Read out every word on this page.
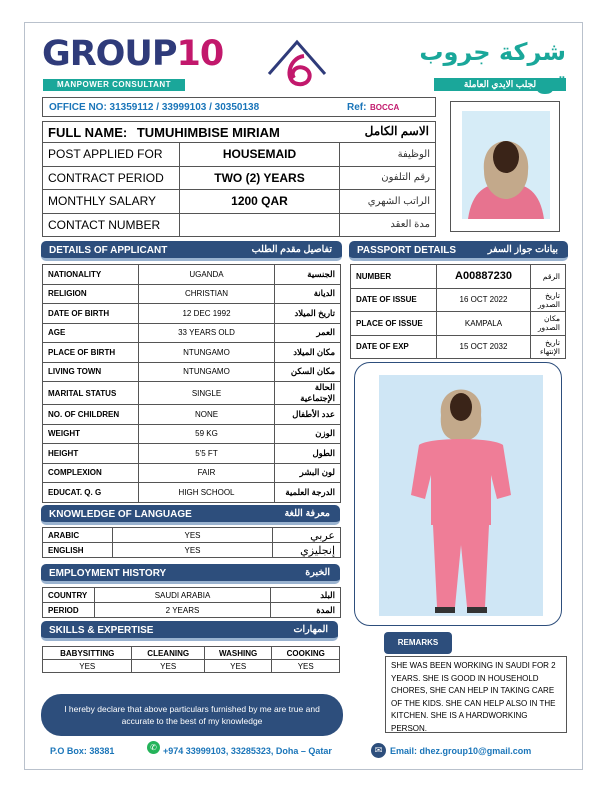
GROUP10
MANPOWER CONSULTANT
شركة جروب
لجلب الايدي العاملة
OFFICE NO: 31359112 / 33999103 / 30350138	Ref: BOCCA
FULL NAME: TUMUHIMBISE MIRIAM الاسم الكامل		

POST APPLIED FOR	HOUSEMAID	الوظيفة
CONTRACT PERIOD	TWO (2) YEARS	رقم التلفون
MONTHLY SALARY	1200 QAR	الراتب الشهري
CONTACT NUMBER		مدة العقد
DETAILS OF APPLICANT	تفاصيل مقدم الطلب
NATIONALITY	UGANDA	الجنسية
RELIGION	CHRISTIAN	الديانة
DATE OF BIRTH	12 DEC 1992	تاريخ الميلاد
AGE	33 YEARS OLD	العمر
PLACE OF BIRTH	NTUNGAMO	مكان الميلاد
LIVING TOWN	NTUNGAMO	مكان السكن
MARITAL STATUS	SINGLE	الحالة الإجتماعية
NO. OF CHILDREN	NONE	عدد الأطفال
WEIGHT	59 KG	الوزن
HEIGHT	5'5 FT	الطول
COMPLEXION	FAIR	لون البشر
EDUCAT. Q. G	HIGH SCHOOL	الدرجة العلمية
PASSPORT DETAILS	بيانات جواز السفر
NUMBER	A00887230	الرقم
DATE OF ISSUE	16 OCT 2022	تاريخ الصدور
PLACE OF ISSUE	KAMPALA	مكان الصدور
DATE OF EXP	15 OCT 2032	تاريخ الإنتهاء
KNOWLEDGE OF LANGUAGE	معرفة اللغة
ARABIC	YES	عربي
ENGLISH	YES	إنجليزي
EMPLOYMENT HISTORY	الخبرة
COUNTRY	SAUDI ARABIA	البلد
PERIOD	2 YEARS	المدة
SKILLS & EXPERTISE	المهارات
BABYSITTING	CLEANING	WASHING	COOKING
YES	YES	YES	YES
REMARKS
SHE WAS BEEN WORKING IN SAUDI FOR 2 YEARS. SHE IS GOOD IN HOUSEHOLD CHORES, SHE CAN HELP IN TAKING CARE OF THE KIDS. SHE CAN HELP ALSO IN THE KITCHEN. SHE IS A HARDWORKING PERSON.
I hereby declare that above particulars furnished by me are true and accurate to the best of my knowledge
P.O Box: 38381	✆ +974 33999103, 33285323, Doha – Qatar	✉ Email: dhez.group10@gmail.com
